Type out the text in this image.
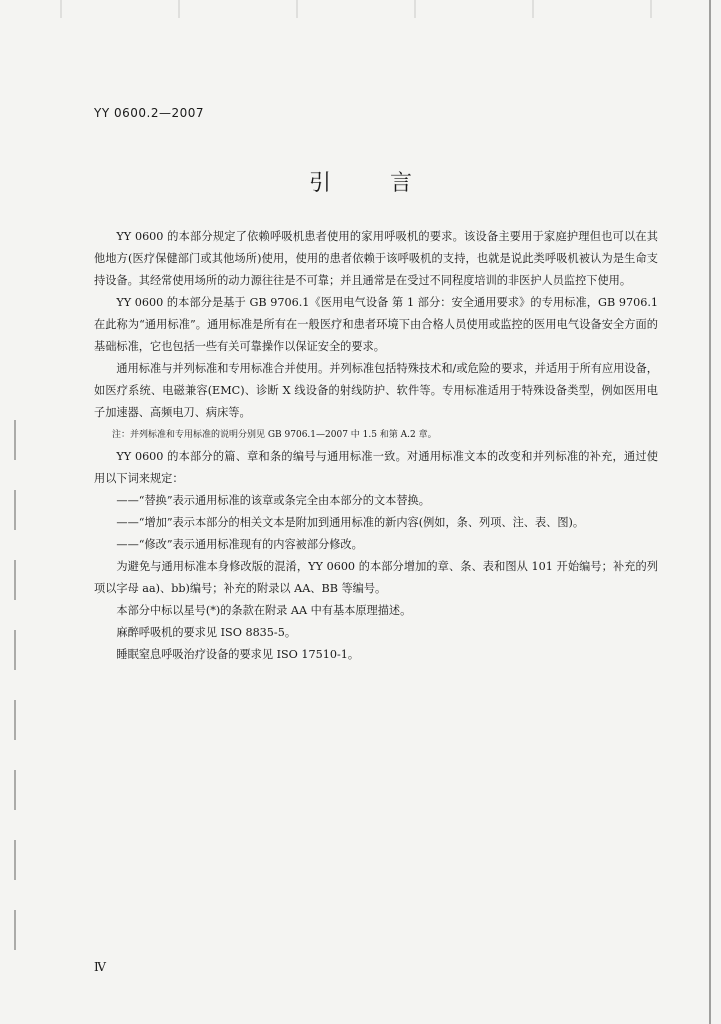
YY 0600.2—2007
引 言

YY 0600 的本部分规定了依赖呼吸机患者使用的家用呼吸机的要求。该设备主要用于家庭护理但也可以在其他地方(医疗保健部门或其他场所)使用，使用的患者依赖于该呼吸机的支持，也就是说此类呼吸机被认为是生命支持设备。其经常使用场所的动力源往往是不可靠；并且通常是在受过不同程度培训的非医护人员监控下使用。

YY 0600 的本部分是基于 GB 9706.1《医用电气设备 第 1 部分：安全通用要求》的专用标准，GB 9706.1在此称为“通用标准”。通用标准是所有在一般医疗和患者环境下由合格人员使用或监控的医用电气设备安全方面的基础标准，它也包括一些有关可靠操作以保证安全的要求。

通用标准与并列标准和专用标准合并使用。并列标准包括特殊技术和/或危险的要求，并适用于所有应用设备，如医疗系统、电磁兼容(EMC)、诊断 X 线设备的射线防护、软件等。专用标准适用于特殊设备类型，例如医用电子加速器、高频电刀、病床等。

注：并列标准和专用标准的说明分别见 GB 9706.1—2007 中 1.5 和第 A.2 章。

YY 0600 的本部分的篇、章和条的编号与通用标准一致。对通用标准文本的改变和并列标准的补充，通过使用以下词来规定：

——“替换”表示通用标准的该章或条完全由本部分的文本替换。

——“增加”表示本部分的相关文本是附加到通用标准的新内容(例如，条、列项、注、表、图)。

——“修改”表示通用标准现有的内容被部分修改。

为避免与通用标准本身修改版的混淆，YY 0600 的本部分增加的章、条、表和图从 101 开始编号；补充的列项以字母 aa)、bb)编号；补充的附录以 AA、BB 等编号。

本部分中标以星号(*)的条款在附录 AA 中有基本原理描述。

麻醉呼吸机的要求见 ISO 8835-5。

睡眠窒息呼吸治疗设备的要求见 ISO 17510-1。

Ⅳ
